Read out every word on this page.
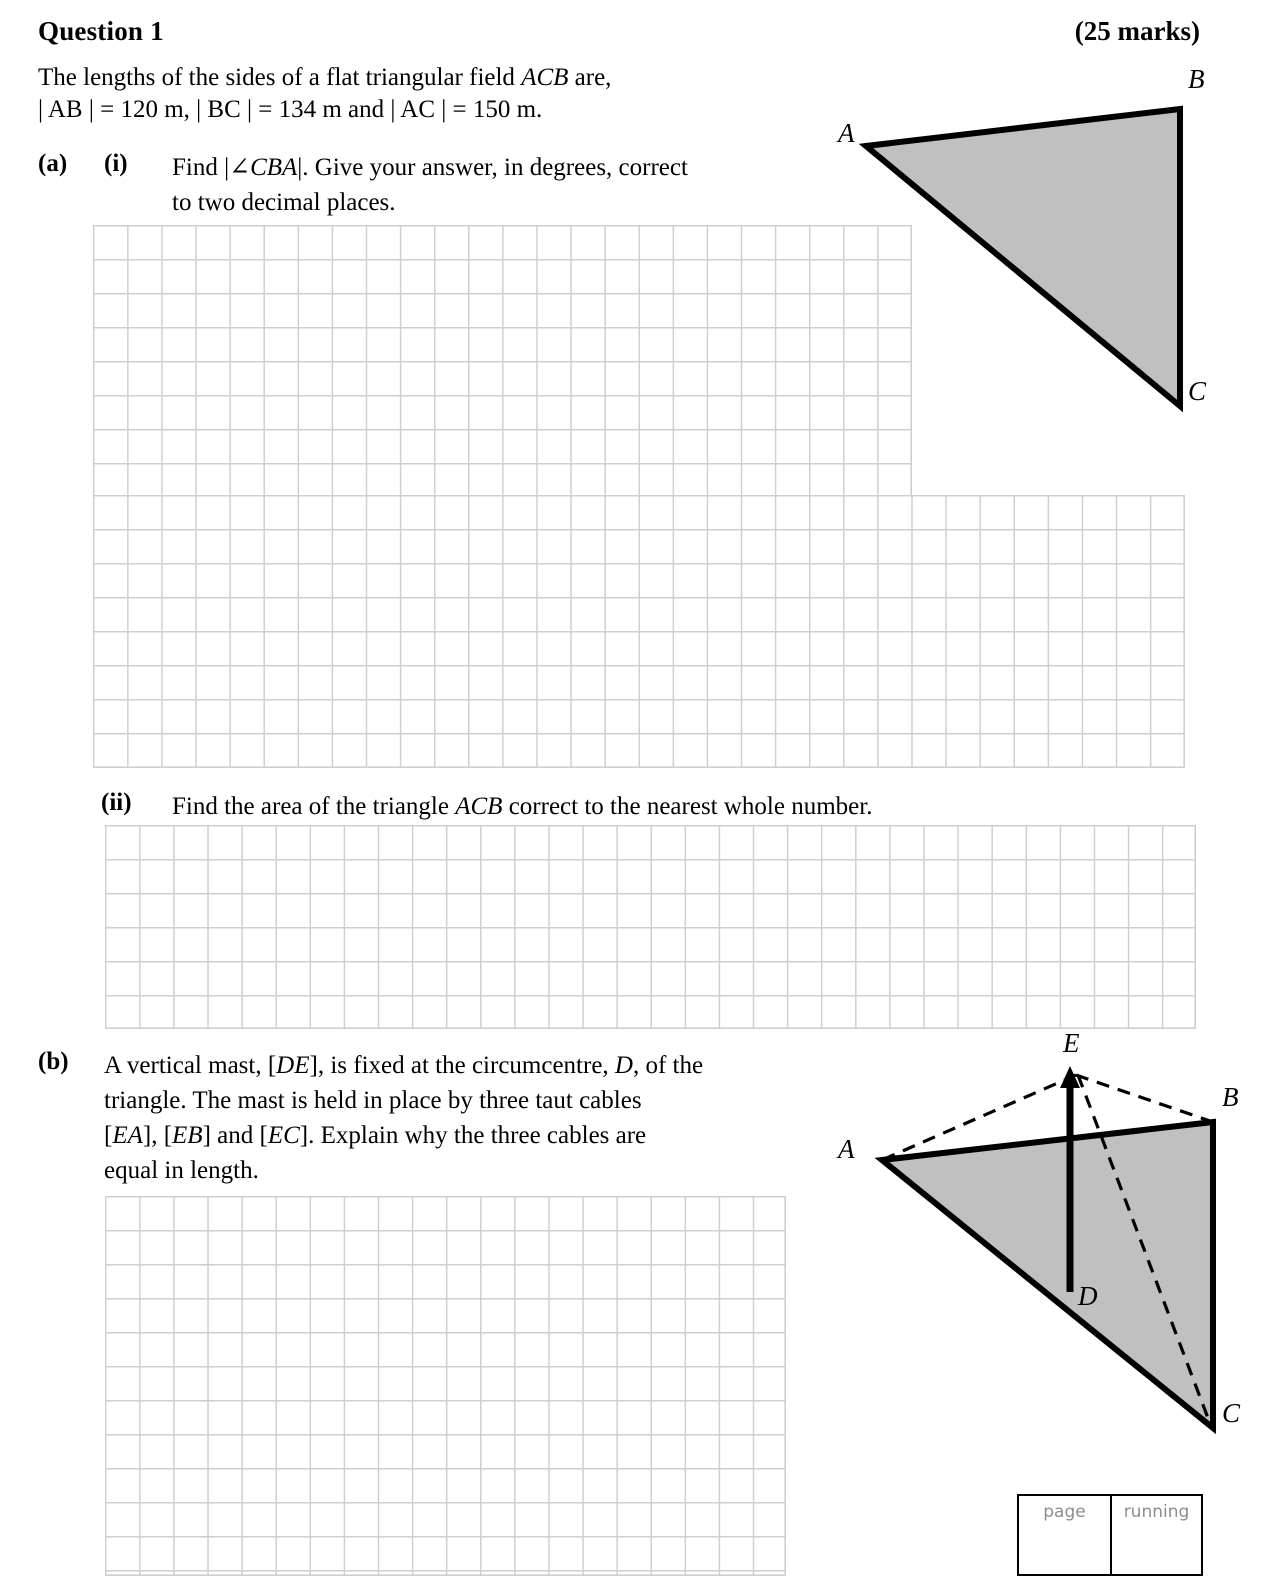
Question 1	(25 marks)
The lengths of the sides of a flat triangular field ACB are,
| AB | = 120 m, | BC | = 134 m and | AC | = 150 m.
(a) (i) Find |∠CBA|. Give your answer, in degrees, correct
to two decimal places.
(ii) Find the area of the triangle ACB correct to the nearest whole number.
(b) A vertical mast, [DE], is fixed at the circumcentre, D, of the
triangle. The mast is held in place by three taut cables
[EA], [EB] and [EC]. Explain why the three cables are
equal in length.
A
B
C
A
B
C
D
E
page	running
